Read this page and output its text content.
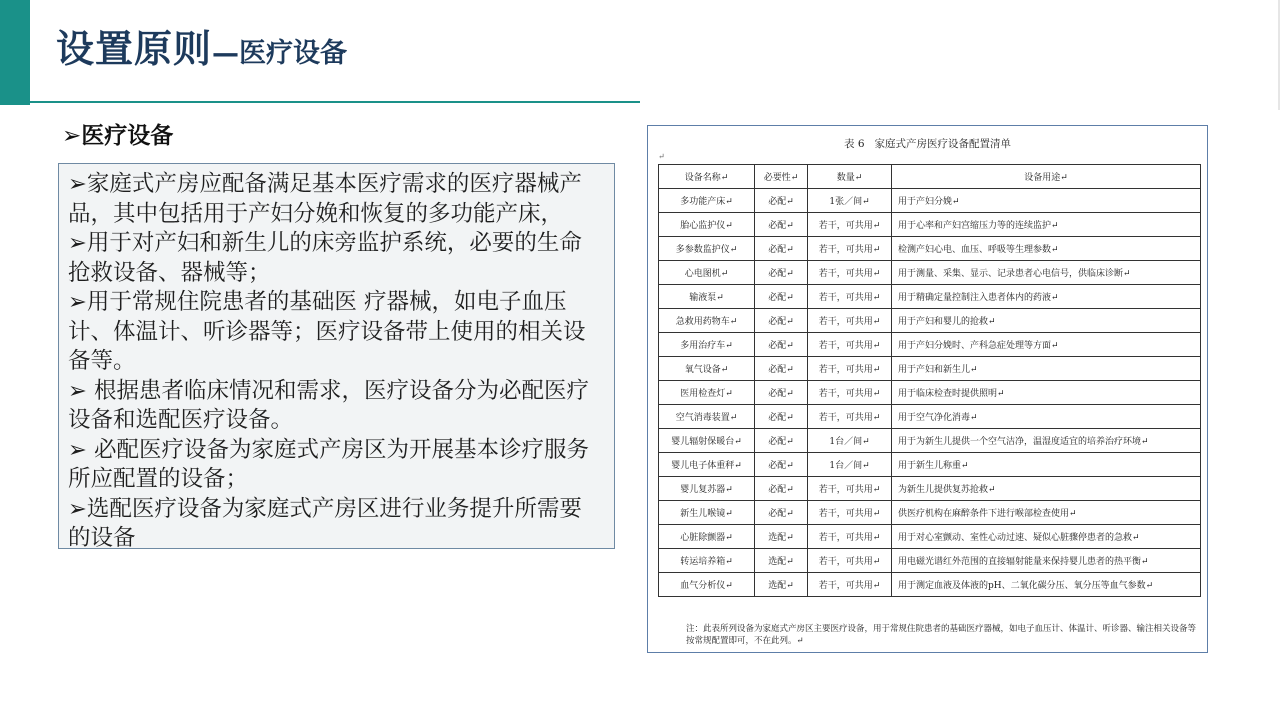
设置原则—医疗设备
➢医疗设备

➢家庭式产房应配备满足基本医疗需求的医疗器械产品，其中包括用于产妇分娩和恢复的多功能产床，

➢用于对产妇和新生儿的床旁监护系统，必要的生命抢救设备、器械等；

➢用于常规住院患者的基础医 疗器械，如电子血压计、体温计、听诊器等；医疗设备带上使用的相关设备等。

➢ 根据患者临床情况和需求，医疗设备分为必配医疗设备和选配医疗设备。

➢ 必配医疗设备为家庭式产房区为开展基本诊疗服务 所应配置的设备；

➢选配医疗设备为家庭式产房区进行业务提升所需要的设备

表 6 家庭式产房医疗设备配置清单
↵
设备名称↵	必要性↵	数量↵	设备用途↵
多功能产床↵	必配↵	1张／间↵	用于产妇分娩↵
胎心监护仪↵	必配↵	若干，可共用↵	用于心率和产妇宫缩压力等的连续监护↵
多参数监护仪↵	必配↵	若干，可共用↵	检测产妇心电、血压、呼吸等生理参数↵
心电图机↵	必配↵	若干，可共用↵	用于测量、采集、显示、记录患者心电信号，供临床诊断↵
输液泵↵	必配↵	若干，可共用↵	用于精确定量控制注入患者体内的药液↵
急救用药物车↵	必配↵	若干，可共用↵	用于产妇和婴儿的抢救↵
多用治疗车↵	必配↵	若干，可共用↵	用于产妇分娩时、产科急症处理等方面↵
氧气设备↵	必配↵	若干，可共用↵	用于产妇和新生儿↵
医用检查灯↵	必配↵	若干，可共用↵	用于临床检查时提供照明↵
空气消毒装置↵	必配↵	若干，可共用↵	用于空气净化消毒↵
婴儿辐射保暖台↵	必配↵	1台／间↵	用于为新生儿提供一个空气洁净，温湿度适宜的培养治疗环境↵
婴儿电子体重秤↵	必配↵	1台／间↵	用于新生儿称重↵
婴儿复苏器↵	必配↵	若干，可共用↵	为新生儿提供复苏抢救↵
新生儿喉镜↵	必配↵	若干，可共用↵	供医疗机构在麻醉条件下进行喉部检查使用↵
心脏除颤器↵	选配↵	若干，可共用↵	用于对心室颤动、室性心动过速、疑似心脏骤停患者的急救↵
转运培养箱↵	选配↵	若干，可共用↵	用电磁光谱红外范围的直接辐射能量来保持婴儿患者的热平衡↵
血气分析仪↵	选配↵	若干，可共用↵	用于测定血液及体液的pH、二氧化碳分压、氧分压等血气参数↵
注：此表所列设备为家庭式产房区主要医疗设备，用于常规住院患者的基础医疗器械，如电子血压计、体温计、听诊器、输注相关设备等按常规配置即可，不在此列。↵
